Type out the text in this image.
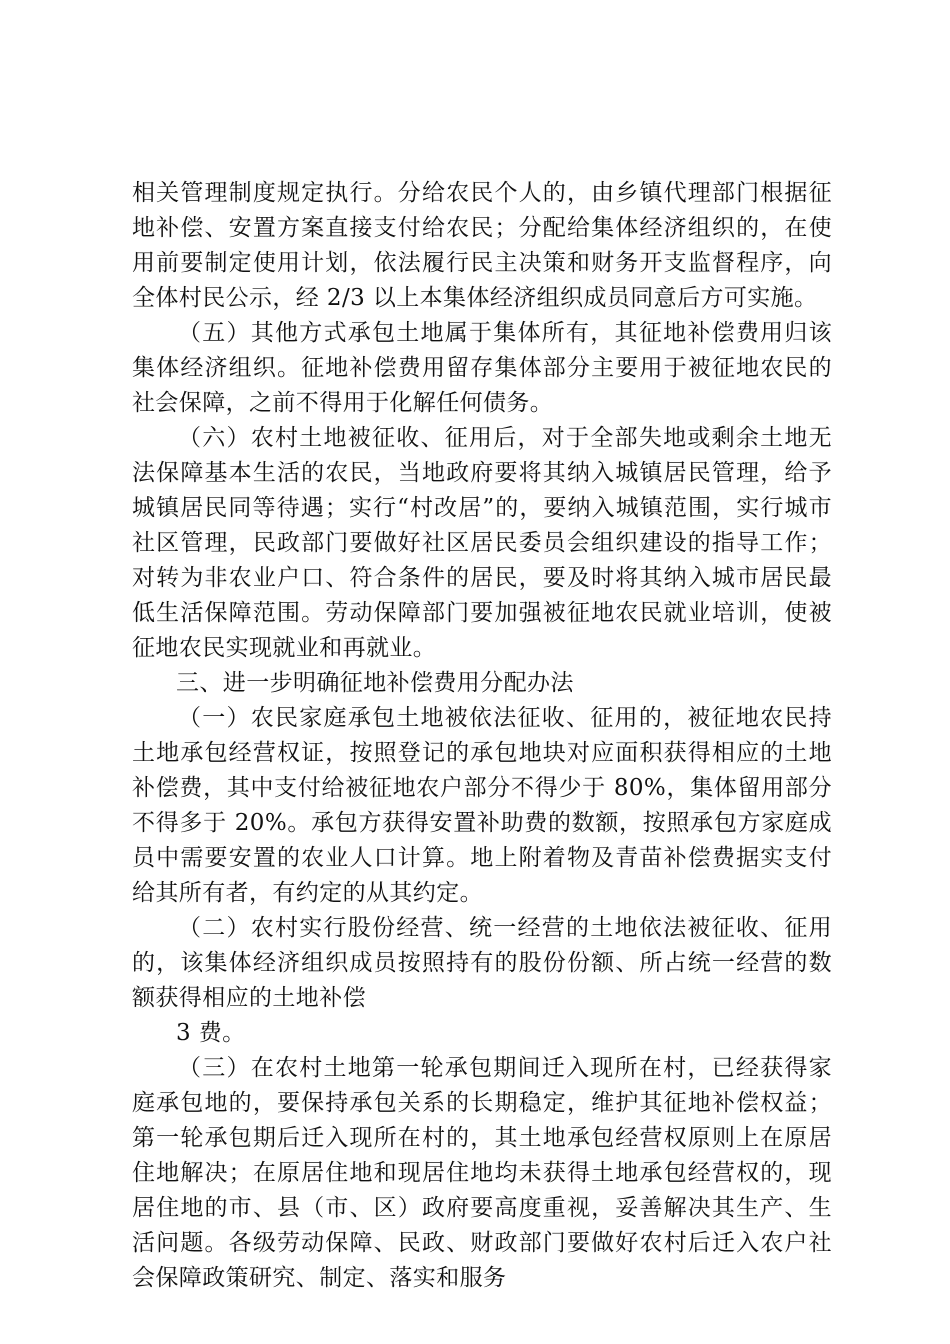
相关管理制度规定执行。分给农民个人的，由乡镇代理部门根据征地补偿、安置方案直接支付给农民；分配给集体经济组织的，在使用前要制定使用计划，依法履行民主决策和财务开支监督程序，向全体村民公示，经 2/3 以上本集体经济组织成员同意后方可实施。

（五）其他方式承包土地属于集体所有，其征地补偿费用归该集体经济组织。征地补偿费用留存集体部分主要用于被征地农民的社会保障，之前不得用于化解任何债务。

（六）农村土地被征收、征用后，对于全部失地或剩余土地无法保障基本生活的农民，当地政府要将其纳入城镇居民管理，给予城镇居民同等待遇；实行“村改居”的，要纳入城镇范围，实行城市社区管理，民政部门要做好社区居民委员会组织建设的指导工作；对转为非农业户口、符合条件的居民，要及时将其纳入城市居民最低生活保障范围。劳动保障部门要加强被征地农民就业培训，使被征地农民实现就业和再就业。

三、进一步明确征地补偿费用分配办法

（一）农民家庭承包土地被依法征收、征用的，被征地农民持土地承包经营权证，按照登记的承包地块对应面积获得相应的土地补偿费，其中支付给被征地农户部分不得少于 80%，集体留用部分不得多于 20%。承包方获得安置补助费的数额，按照承包方家庭成员中需要安置的农业人口计算。地上附着物及青苗补偿费据实支付给其所有者，有约定的从其约定。

（二）农村实行股份经营、统一经营的土地依法被征收、征用的，该集体经济组织成员按照持有的股份份额、所占统一经营的数额获得相应的土地补偿

3 费。

（三）在农村土地第一轮承包期间迁入现所在村，已经获得家庭承包地的，要保持承包关系的长期稳定，维护其征地补偿权益；第一轮承包期后迁入现所在村的，其土地承包经营权原则上在原居住地解决；在原居住地和现居住地均未获得土地承包经营权的，现居住地的市、县（市、区）政府要高度重视，妥善解决其生产、生活问题。各级劳动保障、民政、财政部门要做好农村后迁入农户社会保障政策研究、制定、落实和服务
